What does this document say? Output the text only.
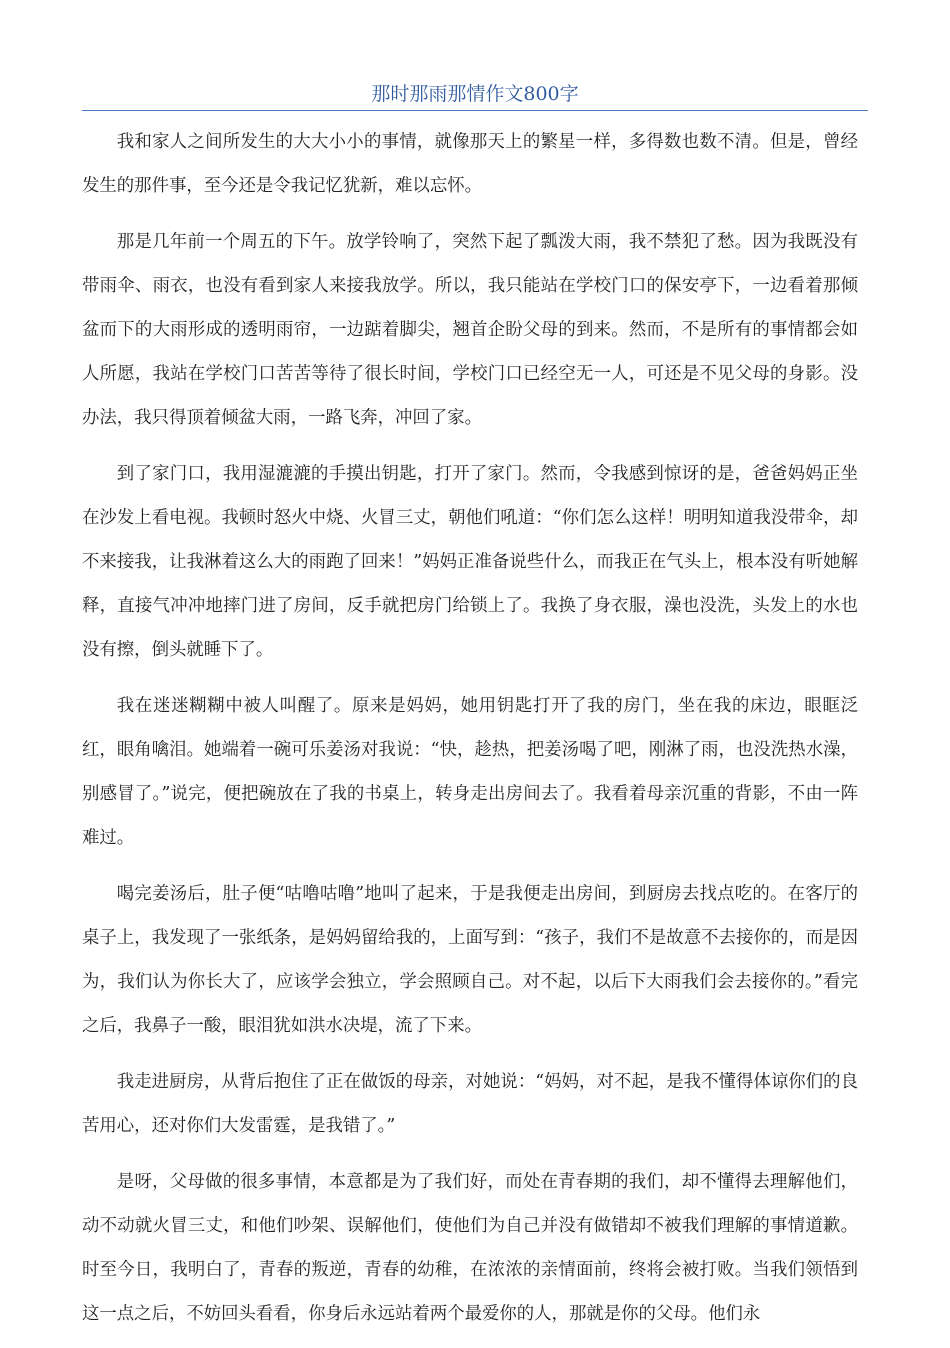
那时那雨那情作文800字

我和家人之间所发生的大大小小的事情，就像那天上的繁星一样，多得数也数不清。但是，曾经发生的那件事，至今还是令我记忆犹新，难以忘怀。

那是几年前一个周五的下午。放学铃响了，突然下起了瓢泼大雨，我不禁犯了愁。因为我既没有带雨伞、雨衣，也没有看到家人来接我放学。所以，我只能站在学校门口的保安亭下，一边看着那倾盆而下的大雨形成的透明雨帘，一边踮着脚尖，翘首企盼父母的到来。然而，不是所有的事情都会如人所愿，我站在学校门口苦苦等待了很长时间，学校门口已经空无一人，可还是不见父母的身影。没办法，我只得顶着倾盆大雨，一路飞奔，冲回了家。

到了家门口，我用湿漉漉的手摸出钥匙，打开了家门。然而，令我感到惊讶的是，爸爸妈妈正坐在沙发上看电视。我顿时怒火中烧、火冒三丈，朝他们吼道：“你们怎么这样！明明知道我没带伞，却不来接我，让我淋着这么大的雨跑了回来！”妈妈正准备说些什么，而我正在气头上，根本没有听她解释，直接气冲冲地摔门进了房间，反手就把房门给锁上了。我换了身衣服，澡也没洗，头发上的水也没有擦，倒头就睡下了。

我在迷迷糊糊中被人叫醒了。原来是妈妈，她用钥匙打开了我的房门，坐在我的床边，眼眶泛红，眼角噙泪。她端着一碗可乐姜汤对我说：“快，趁热，把姜汤喝了吧，刚淋了雨，也没洗热水澡，别感冒了。”说完，便把碗放在了我的书桌上，转身走出房间去了。我看着母亲沉重的背影，不由一阵难过。

喝完姜汤后，肚子便“咕噜咕噜”地叫了起来，于是我便走出房间，到厨房去找点吃的。在客厅的桌子上，我发现了一张纸条，是妈妈留给我的，上面写到：“孩子，我们不是故意不去接你的，而是因为，我们认为你长大了，应该学会独立，学会照顾自己。对不起，以后下大雨我们会去接你的。”看完之后，我鼻子一酸，眼泪犹如洪水决堤，流了下来。

我走进厨房，从背后抱住了正在做饭的母亲，对她说：“妈妈，对不起，是我不懂得体谅你们的良苦用心，还对你们大发雷霆，是我错了。”

是呀，父母做的很多事情，本意都是为了我们好，而处在青春期的我们，却不懂得去理解他们，动不动就火冒三丈，和他们吵架、误解他们，使他们为自己并没有做错却不被我们理解的事情道歉。时至今日，我明白了，青春的叛逆，青春的幼稚，在浓浓的亲情面前，终将会被打败。当我们领悟到这一点之后，不妨回头看看，你身后永远站着两个最爱你的人，那就是你的父母。他们永
